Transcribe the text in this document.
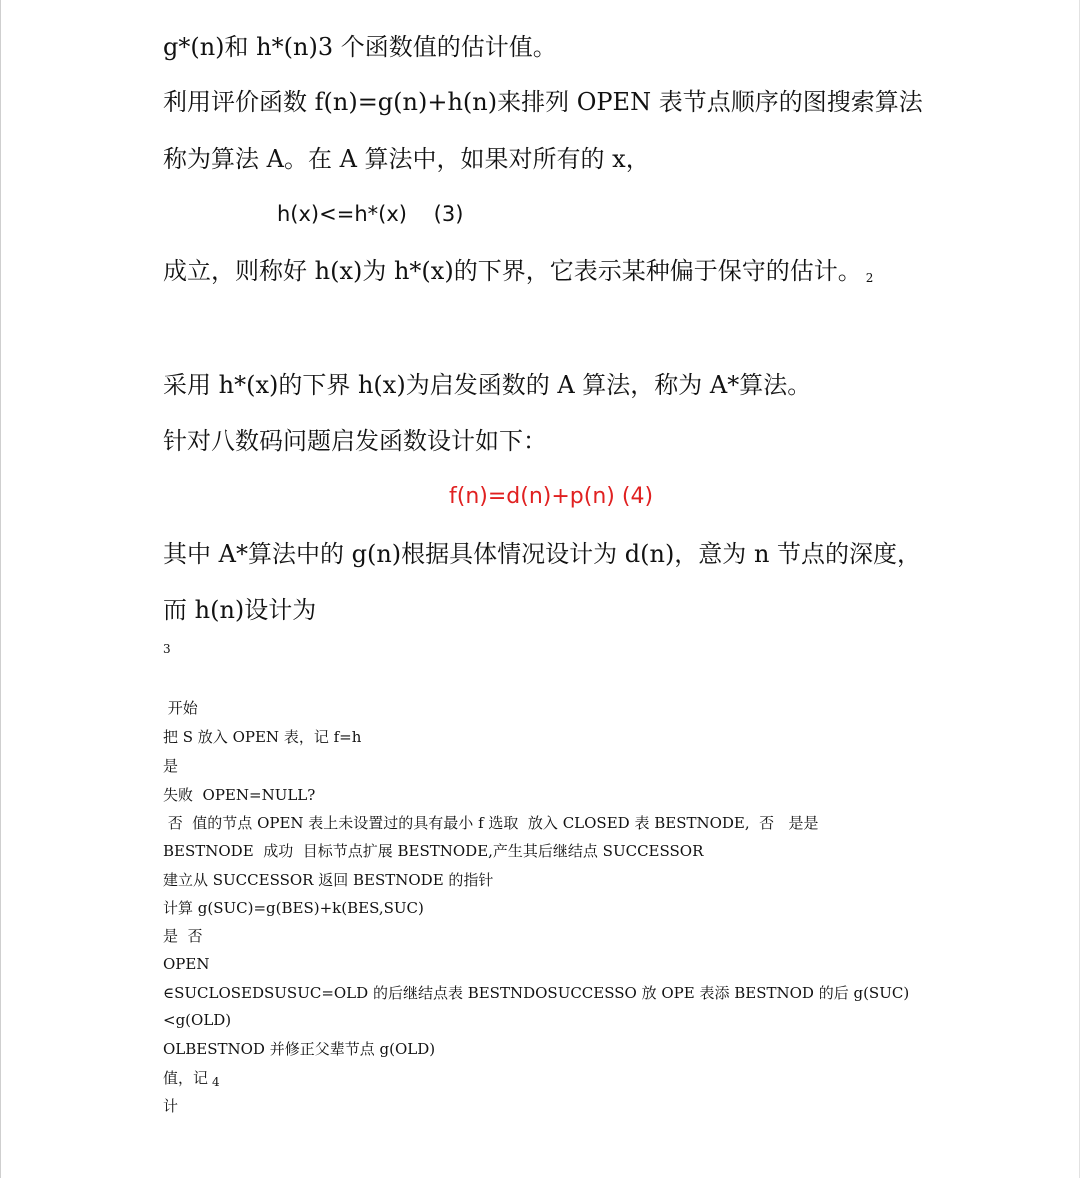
g*(n)和 h*(n)3 个函数值的估计值。
利用评价函数 f(n)=g(n)+h(n)来排列 OPEN 表节点顺序的图搜索算法
称为算法 A。在 A 算法中，如果对所有的 x，
h(x)<=h*(x)    (3)
成立，则称好 h(x)为 h*(x)的下界，它表示某种偏于保守的估计。 2
采用 h*(x)的下界 h(x)为启发函数的 A 算法，称为 A*算法。
针对八数码问题启发函数设计如下：
f(n)=d(n)+p(n) (4)
其中 A*算法中的 g(n)根据具体情况设计为 d(n)，意为 n 节点的深度，
而 h(n)设计为
3
开始
把 S 放入 OPEN 表，记 f=h
是
失败  OPEN=NULL?
否  值的节点 OPEN 表上未设置过的具有最小 f 选取  放入 CLOSED 表 BESTNODE,  否   是是
BESTNODE  成功  目标节点扩展 BESTNODE,产生其后继结点 SUCCESSOR
建立从 SUCCESSOR 返回 BESTNODE 的指针
计算 g(SUC)=g(BES)+k(BES,SUC)
是  否
OPEN
∈SUCLOSEDSUSUC=OLD 的后继结点表 BESTNDOSUCCESSO 放 OPE 表添 BESTNOD 的后 g(SUC)
<g(OLD)
OLBESTNOD 并修正父辈节点 g(OLD)
值，记 $_4$
计
